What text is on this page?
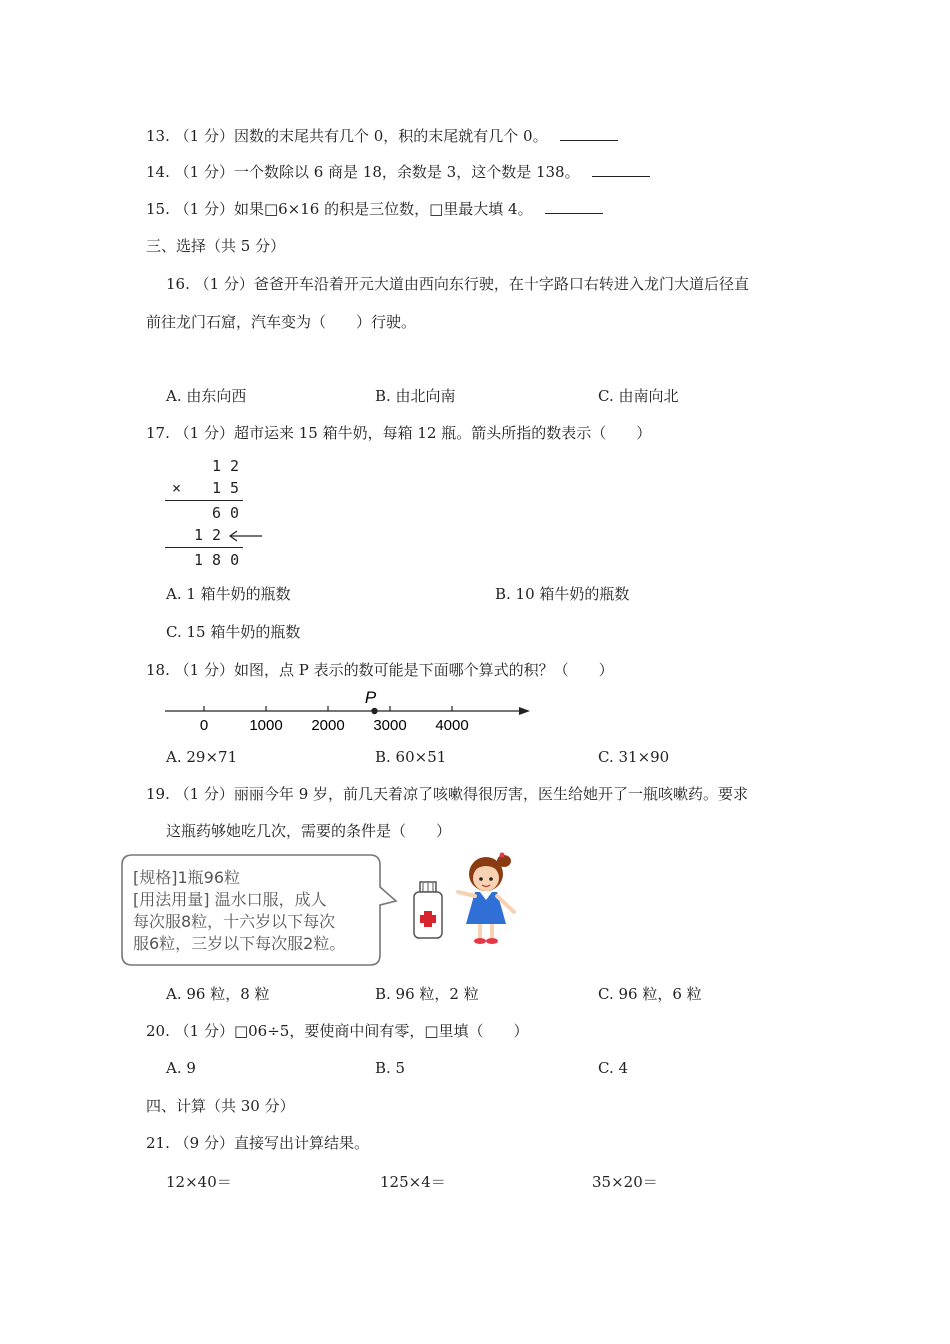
13. （1 分）因数的末尾共有几个 0，积的末尾就有几个 0。
14. （1 分）一个数除以 6 商是 18，余数是 3，这个数是 138。
15. （1 分）如果□6×16 的积是三位数，□里最大填 4。
三、选择（共 5 分）
16. （1 分）爸爸开车沿着开元大道由西向东行驶，在十字路口右转进入龙门大道后径直
前往龙门石窟，汽车变为（　　）行驶。
A. 由东向西	B. 由北向南	C. 由南向北
17. （1 分）超市运来 15 箱牛奶，每箱 12 瓶。箭头所指的数表示（　　）
1 2
× 1 5
6 0
1 2
1 8 0
A. 1 箱牛奶的瓶数	B. 10 箱牛奶的瓶数
C. 15 箱牛奶的瓶数
18. （1 分）如图，点 P 表示的数可能是下面哪个算式的积？（　　）
0	1000 2000 3000 4000
P
A. 29×71	B. 60×51	C. 31×90
19. （1 分）丽丽今年 9 岁，前几天着凉了咳嗽得很厉害，医生给她开了一瓶咳嗽药。要求
这瓶药够她吃几次，需要的条件是（　　）
[规格]1瓶96粒
[用法用量] 温水口服，成人
每次服8粒，十六岁以下每次
服6粒，三岁以下每次服2粒。
A. 96 粒，8 粒	B. 96 粒，2 粒	C. 96 粒，6 粒
20. （1 分）□06÷5，要使商中间有零，□里填（　　）
A. 9	B. 5	C. 4
四、计算（共 30 分）
21. （9 分）直接写出计算结果。
12×40＝	125×4＝	35×20＝
